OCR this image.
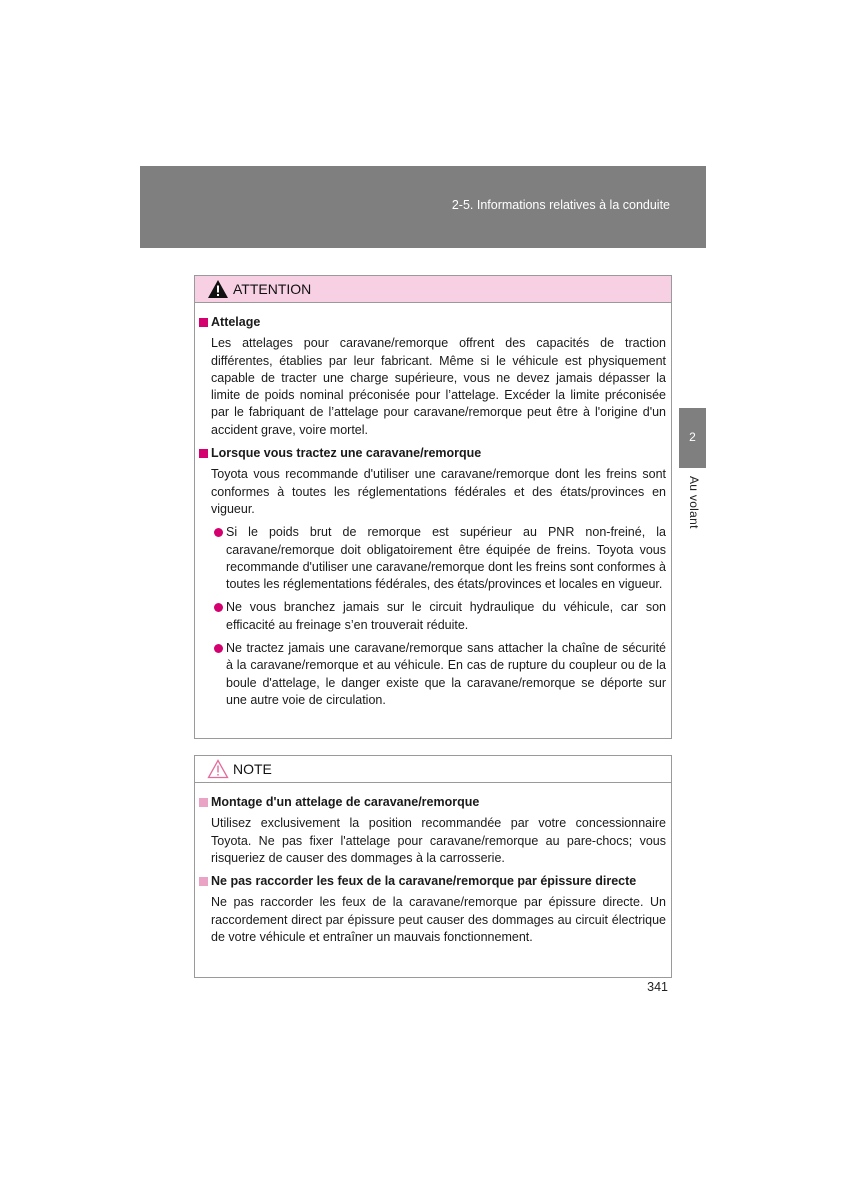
2-5. Informations relatives à la conduite
2
Au volant
ATTENTION
Attelage
Les attelages pour caravane/remorque offrent des capacités de traction différentes, établies par leur fabricant. Même si le véhicule est physiquement capable de tracter une charge supérieure, vous ne devez jamais dépasser la limite de poids nominal préconisée pour l’attelage. Excéder la limite préconisée par le fabriquant de l’attelage pour caravane/remorque peut être à l'origine d'un accident grave, voire mortel.
Lorsque vous tractez une caravane/remorque
Toyota vous recommande d'utiliser une caravane/remorque dont les freins sont conformes à toutes les réglementations fédérales et des états/provinces en vigueur.
Si le poids brut de remorque est supérieur au PNR non-freiné, la caravane/remorque doit obligatoirement être équipée de freins. Toyota vous recommande d'utiliser une caravane/remorque dont les freins sont conformes à toutes les réglementations fédérales, des états/provinces et locales en vigueur.
Ne vous branchez jamais sur le circuit hydraulique du véhicule, car son efficacité au freinage s’en trouverait réduite.
Ne tractez jamais une caravane/remorque sans attacher la chaîne de sécurité à la caravane/remorque et au véhicule. En cas de rupture du coupleur ou de la boule d'attelage, le danger existe que la caravane/remorque se déporte sur une autre voie de circulation.
NOTE
Montage d'un attelage de caravane/remorque
Utilisez exclusivement la position recommandée par votre concessionnaire Toyota. Ne pas fixer l'attelage pour caravane/remorque au pare-chocs; vous risqueriez de causer des dommages à la carrosserie.
Ne pas raccorder les feux de la caravane/remorque par épissure directe
Ne pas raccorder les feux de la caravane/remorque par épissure directe. Un raccordement direct par épissure peut causer des dommages au circuit électrique de votre véhicule et entraîner un mauvais fonctionnement.
341
